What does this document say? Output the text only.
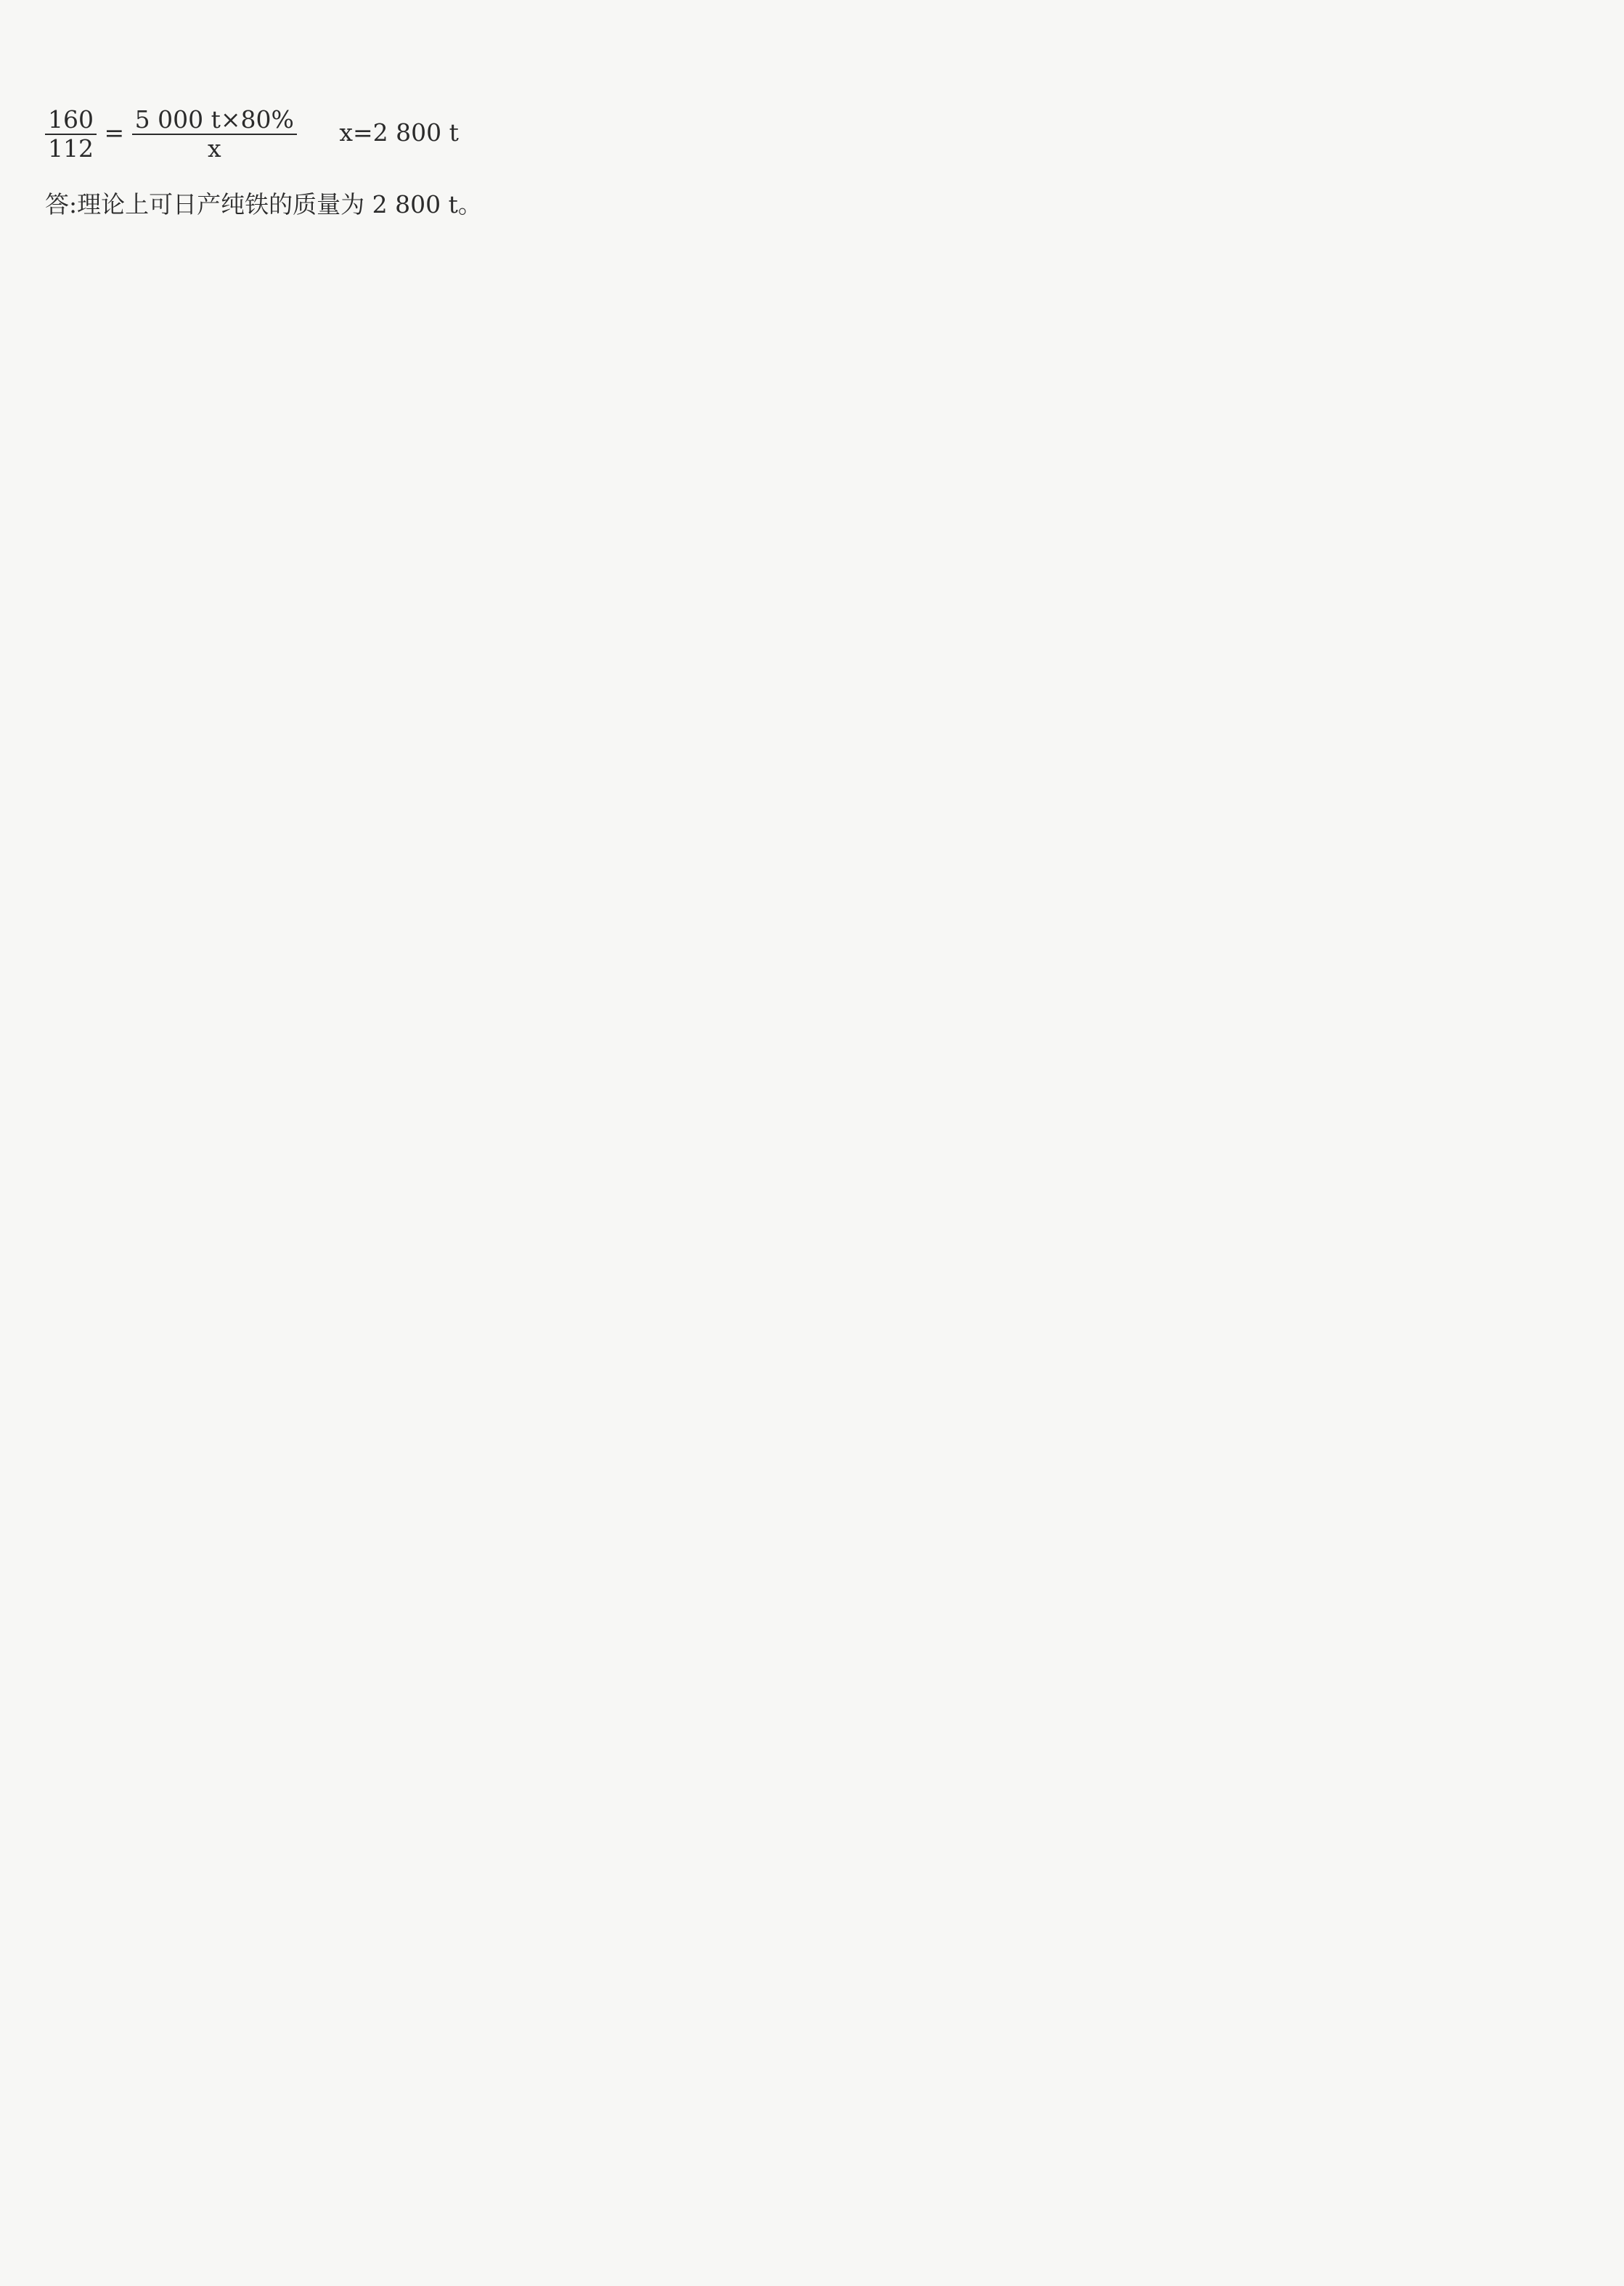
$\frac{160}{112} = \frac{5 000 t\times 80\%}{x} x=2$ 800 t
答:理论上可日产纯铁的质量为 2 800 t。
